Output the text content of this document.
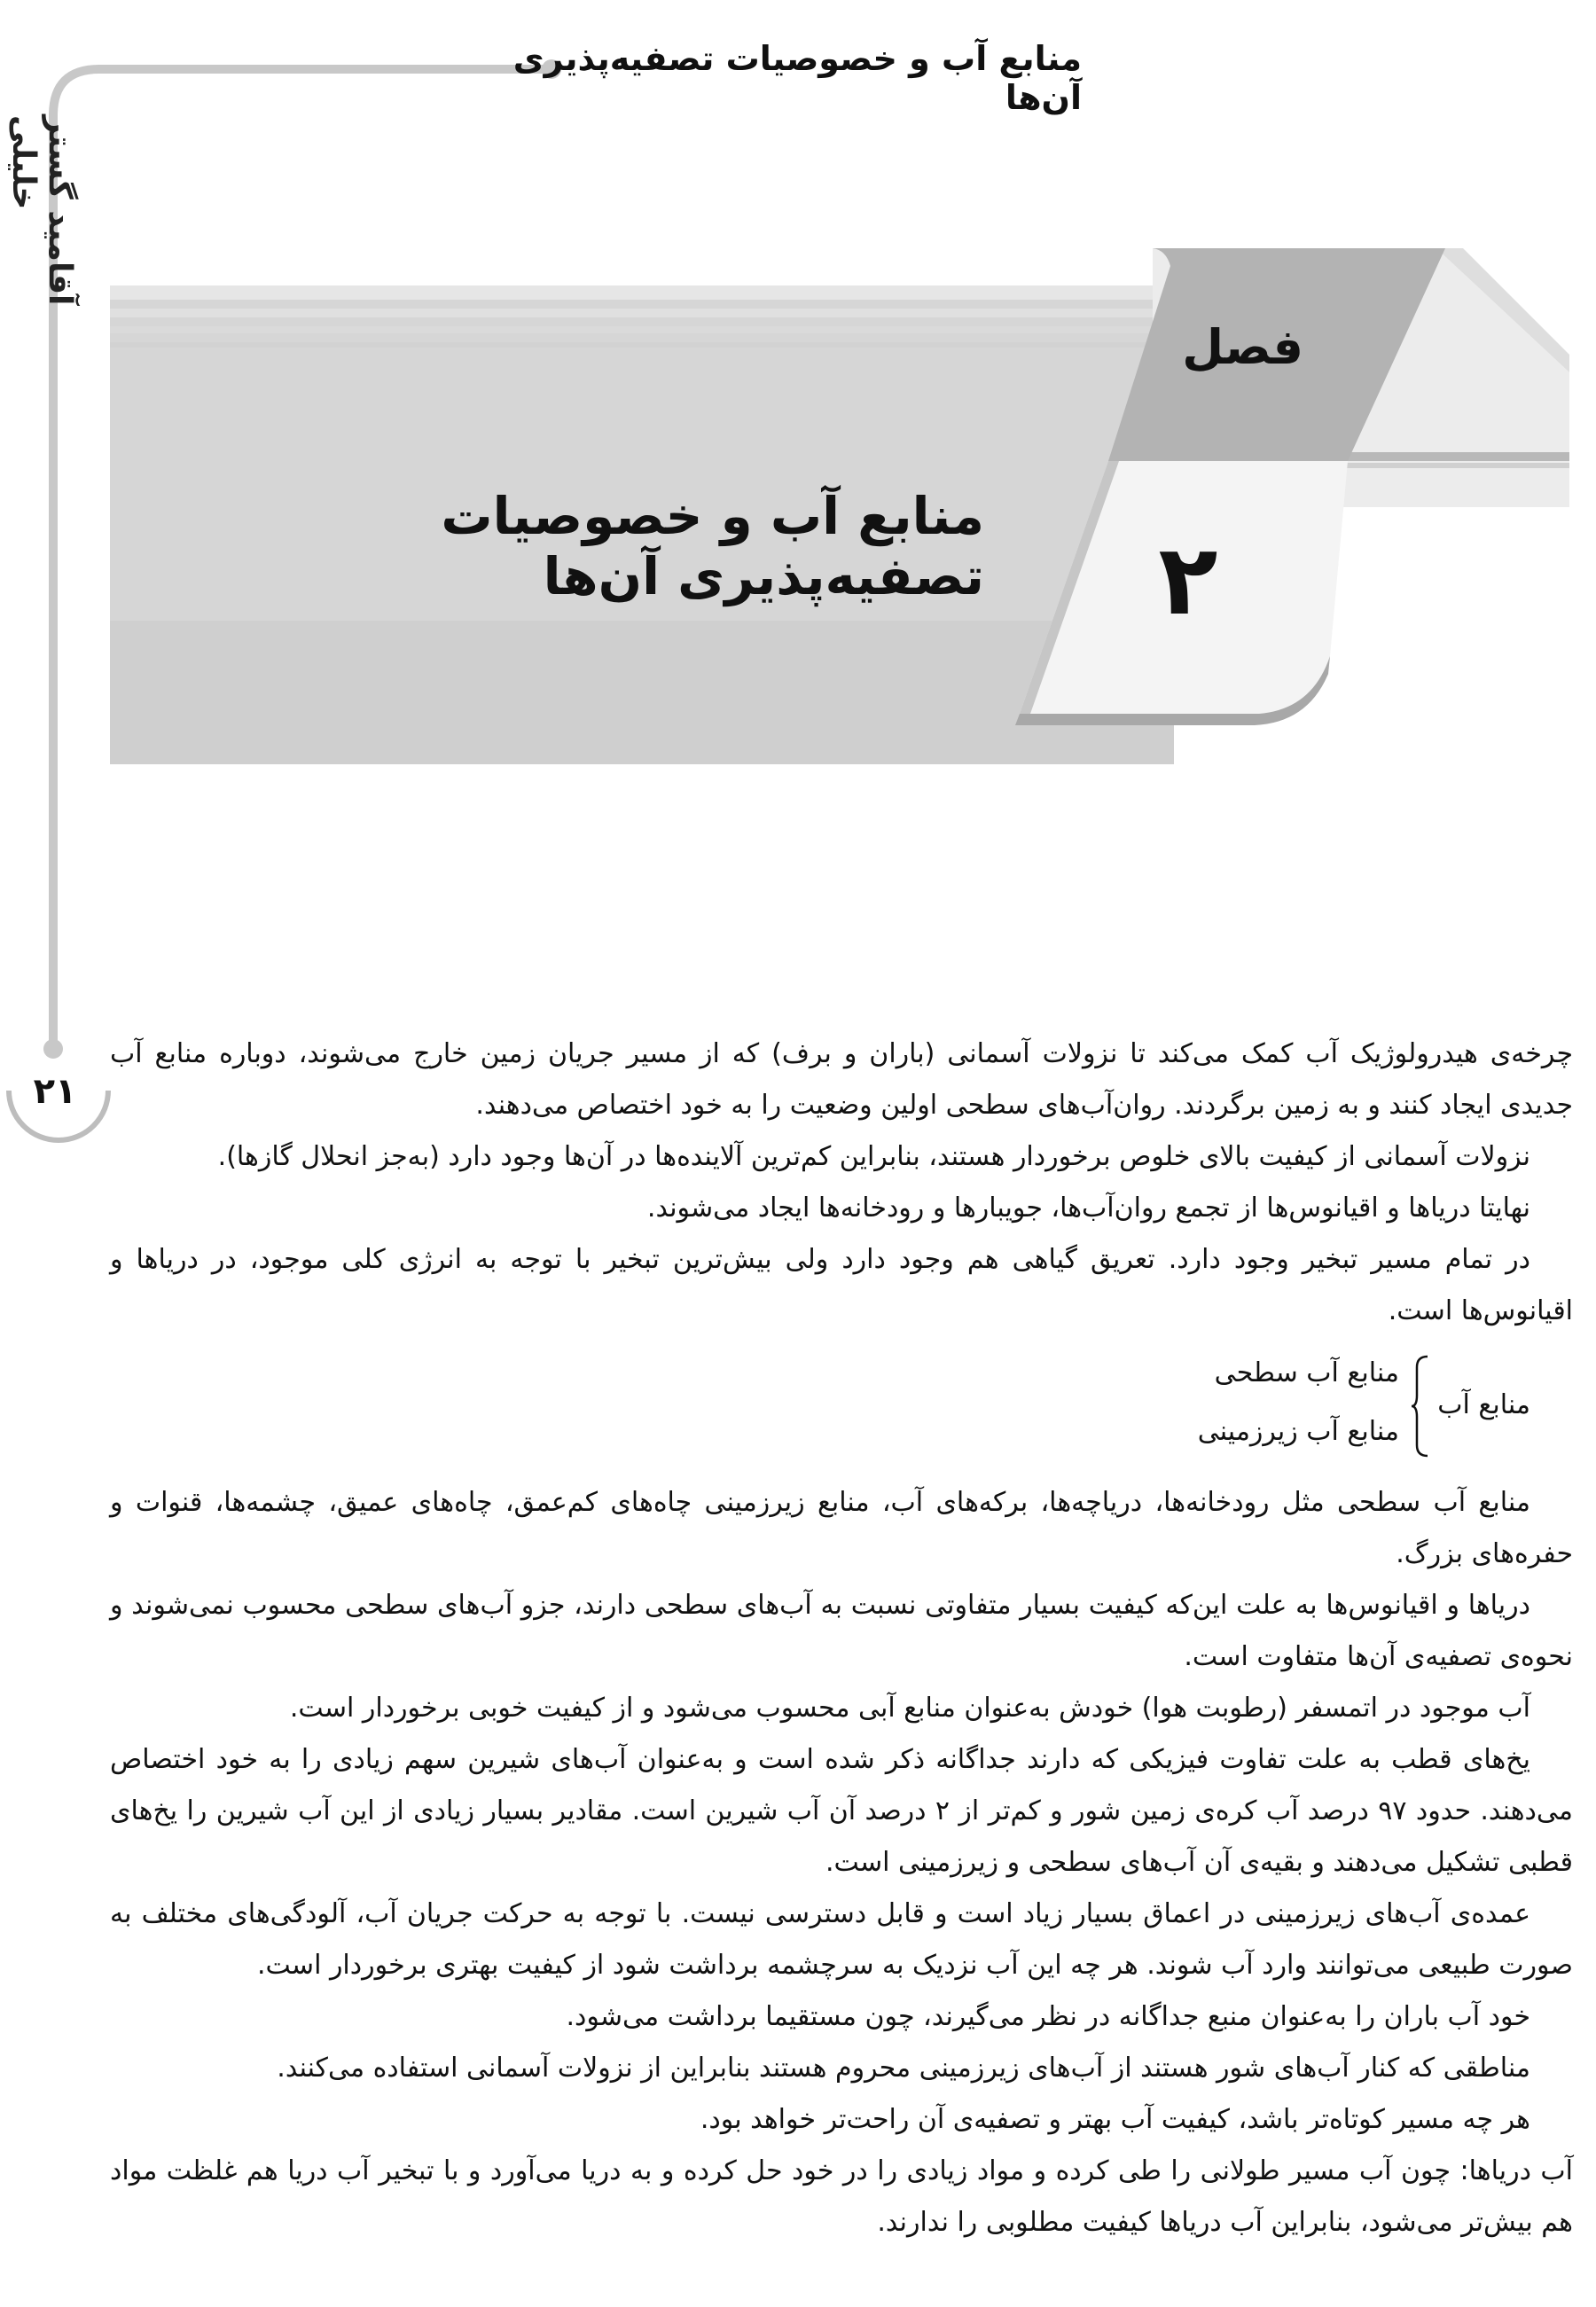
منابع آب و خصوصیات تصفیه‌پذیری آن‌ها
آقامید گستر خلیلی
۲۱
فصل
۲
منابع آب و خصوصیات تصفیه‌پذیری آن‌ها

چرخه‌ی هیدرولوژیک آب کمک می‌کند تا نزولات آسمانی (باران و برف) که از مسیر جریان زمین خارج می‌شوند، دوباره منابع آب جدیدی ایجاد کنند و به زمین برگردند. روان‌آب‌های سطحی اولین وضعیت را به خود اختصاص می‌دهند.

نزولات آسمانی از کیفیت بالای خلوص برخوردار هستند، بنابراین کم‌ترین آلاینده‌ها در آن‌ها وجود دارد (به‌جز انحلال گازها).

نهایتا دریاها و اقیانوس‌ها از تجمع روان‌آب‌ها، جویبارها و رودخانه‌ها ایجاد می‌شوند.

در تمام مسیر تبخیر وجود دارد. تعریق گیاهی هم وجود دارد ولی بیش‌ترین تبخیر با توجه به انرژی کلی موجود، در دریاها و اقیانوس‌ها است.

منابع آب
منابع آب سطحی
منابع آب زیرزمینی

منابع آب سطحی مثل رودخانه‌ها، دریاچه‌ها، برکه‌های آب، منابع زیرزمینی چاه‌های کم‌عمق، چاه‌های عمیق، چشمه‌ها، قنوات و حفره‌های بزرگ.

دریاها و اقیانوس‌ها به علت این‌که کیفیت بسیار متفاوتی نسبت به آب‌های سطحی دارند، جزو آب‌های سطحی محسوب نمی‌شوند و نحوه‌ی تصفیه‌ی آن‌ها متفاوت است.

آب موجود در اتمسفر (رطوبت هوا) خودش به‌عنوان منابع آبی محسوب می‌شود و از کیفیت خوبی برخوردار است.

یخ‌های قطب به علت تفاوت فیزیکی که دارند جداگانه ذکر شده است و به‌عنوان آب‌های شیرین سهم زیادی را به خود اختصاص می‌دهند. حدود ۹۷ درصد آب کره‌ی زمین شور و کم‌تر از ۲ درصد آن آب شیرین است. مقادیر بسیار زیادی از این آب شیرین را یخ‌های قطبی تشکیل می‌دهند و بقیه‌ی آن آب‌های سطحی و زیرزمینی است.

عمده‌ی آب‌های زیرزمینی در اعماق بسیار زیاد است و قابل دسترسی نیست. با توجه به حرکت جریان آب، آلودگی‌های مختلف به صورت طبیعی می‌توانند وارد آب شوند. هر چه این آب نزدیک به سرچشمه برداشت شود از کیفیت بهتری برخوردار است.

خود آب باران را به‌عنوان منبع جداگانه در نظر می‌گیرند، چون مستقیما برداشت می‌شود.

مناطقی که کنار آب‌های شور هستند از آب‌های زیرزمینی محروم هستند بنابراین از نزولات آسمانی استفاده می‌کنند.

هر چه مسیر کوتاه‌تر باشد، کیفیت آب بهتر و تصفیه‌ی آن راحت‌تر خواهد بود.

آب دریاها: چون آب مسیر طولانی را طی کرده و مواد زیادی را در خود حل کرده و به دریا می‌آورد و با تبخیر آب دریا هم غلظت مواد هم بیش‌تر می‌شود، بنابراین آب دریاها کیفیت مطلوبی را ندارند.
